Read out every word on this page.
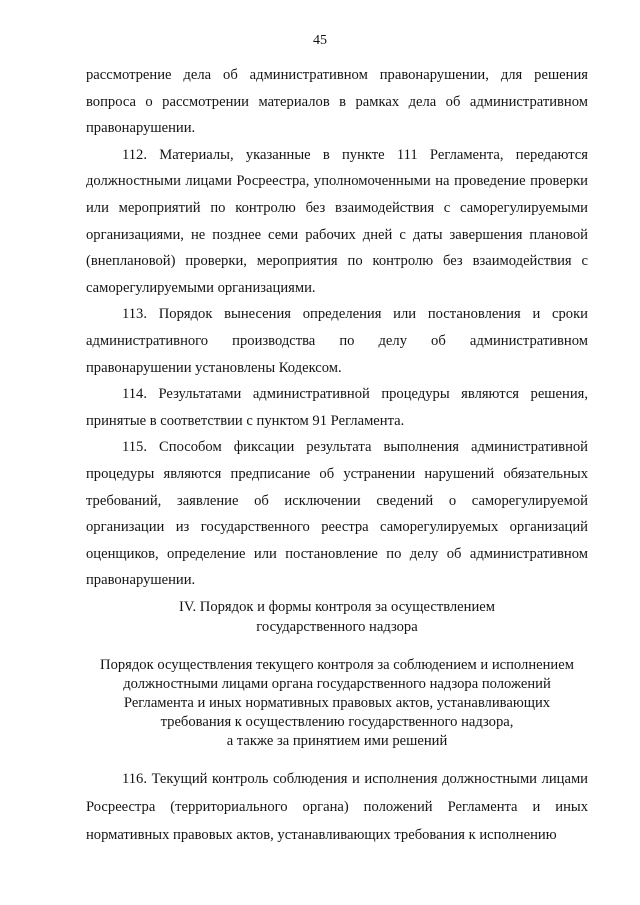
45

рассмотрение дела об административном правонарушении, для решения вопроса о рассмотрении материалов в рамках дела об административном правонарушении.

112. Материалы, указанные в пункте 111 Регламента, передаются должностными лицами Росреестра, уполномоченными на проведение проверки или мероприятий по контролю без взаимодействия с саморегулируемыми организациями, не позднее семи рабочих дней с даты завершения плановой (внеплановой) проверки, мероприятия по контролю без взаимодействия с саморегулируемыми организациями.

113. Порядок вынесения определения или постановления и сроки административного производства по делу об административном правонарушении установлены Кодексом.

114. Результатами административной процедуры являются решения, принятые в соответствии с пунктом 91 Регламента.

115. Способом фиксации результата выполнения административной процедуры являются предписание об устранении нарушений обязательных требований, заявление об исключении сведений о саморегулируемой организации из государственного реестра саморегулируемых организаций оценщиков, определение или постановление по делу об административном правонарушении.

IV. Порядок и формы контроля за осуществлением
государственного надзора
Порядок осуществления текущего контроля за соблюдением и исполнением
должностными лицами органа государственного надзора положений
Регламента и иных нормативных правовых актов, устанавливающих
требования к осуществлению государственного надзора,
а также за принятием ими решений

116. Текущий контроль соблюдения и исполнения должностными лицами Росреестра (территориального органа) положений Регламента и иных нормативных правовых актов, устанавливающих требования к исполнению
